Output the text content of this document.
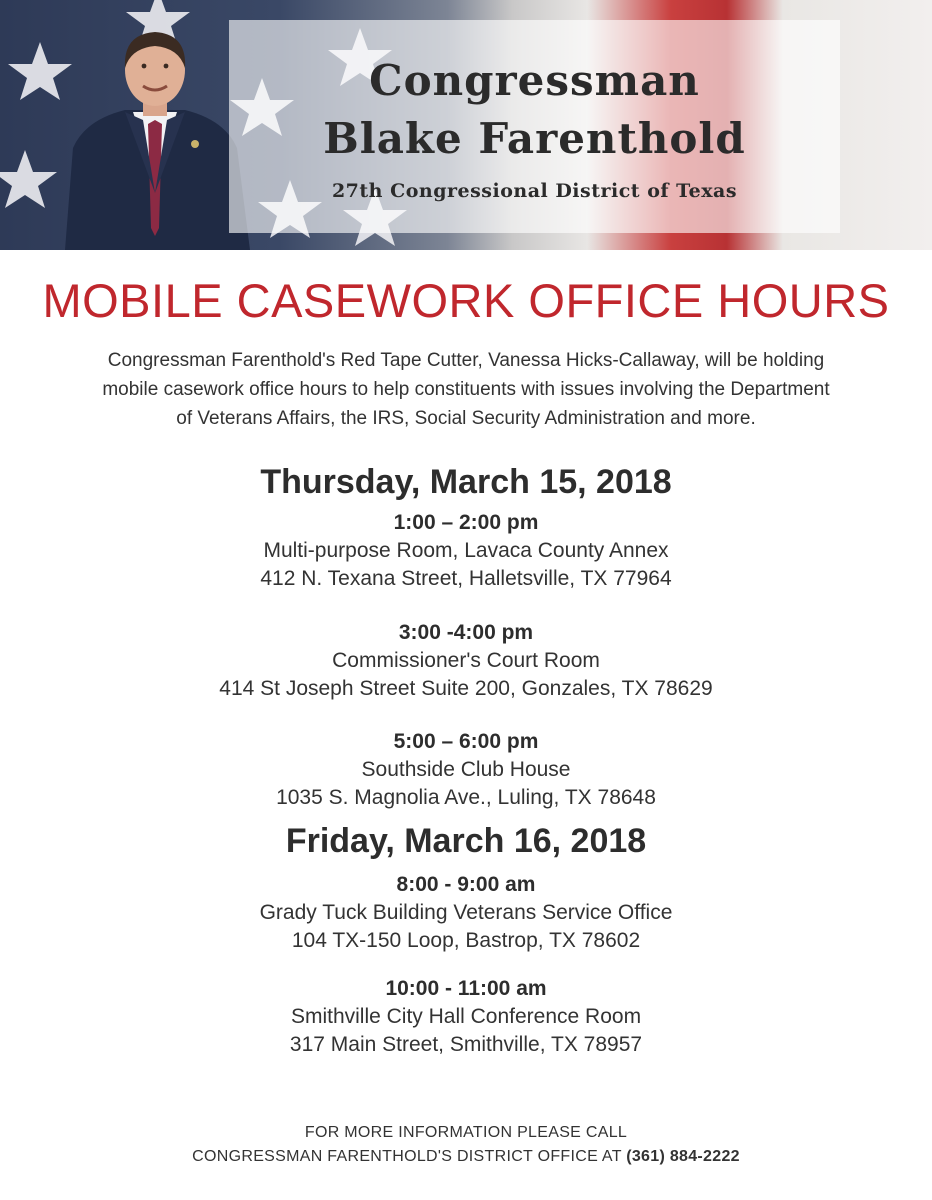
Congressman
Blake Farenthold
27th Congressional District of Texas
MOBILE CASEWORK OFFICE HOURS
Congressman Farenthold's Red Tape Cutter, Vanessa Hicks-Callaway, will be holding
mobile casework office hours to help constituents with issues involving the Department
of Veterans Affairs, the IRS, Social Security Administration and more.
Thursday, March 15, 2018
1:00 – 2:00 pm
Multi-purpose Room, Lavaca County Annex
412 N. Texana Street, Halletsville, TX 77964
3:00 -4:00 pm
Commissioner's Court Room
414 St Joseph Street Suite 200, Gonzales, TX 78629
5:00 – 6:00 pm
Southside Club House
1035 S. Magnolia Ave., Luling, TX 78648
Friday, March 16, 2018
8:00 - 9:00 am
Grady Tuck Building Veterans Service Office
104 TX-150 Loop, Bastrop, TX 78602
10:00 - 11:00 am
Smithville City Hall Conference Room
317 Main Street, Smithville, TX 78957
FOR MORE INFORMATION PLEASE CALL
CONGRESSMAN FARENTHOLD'S DISTRICT OFFICE AT (361) 884-2222
